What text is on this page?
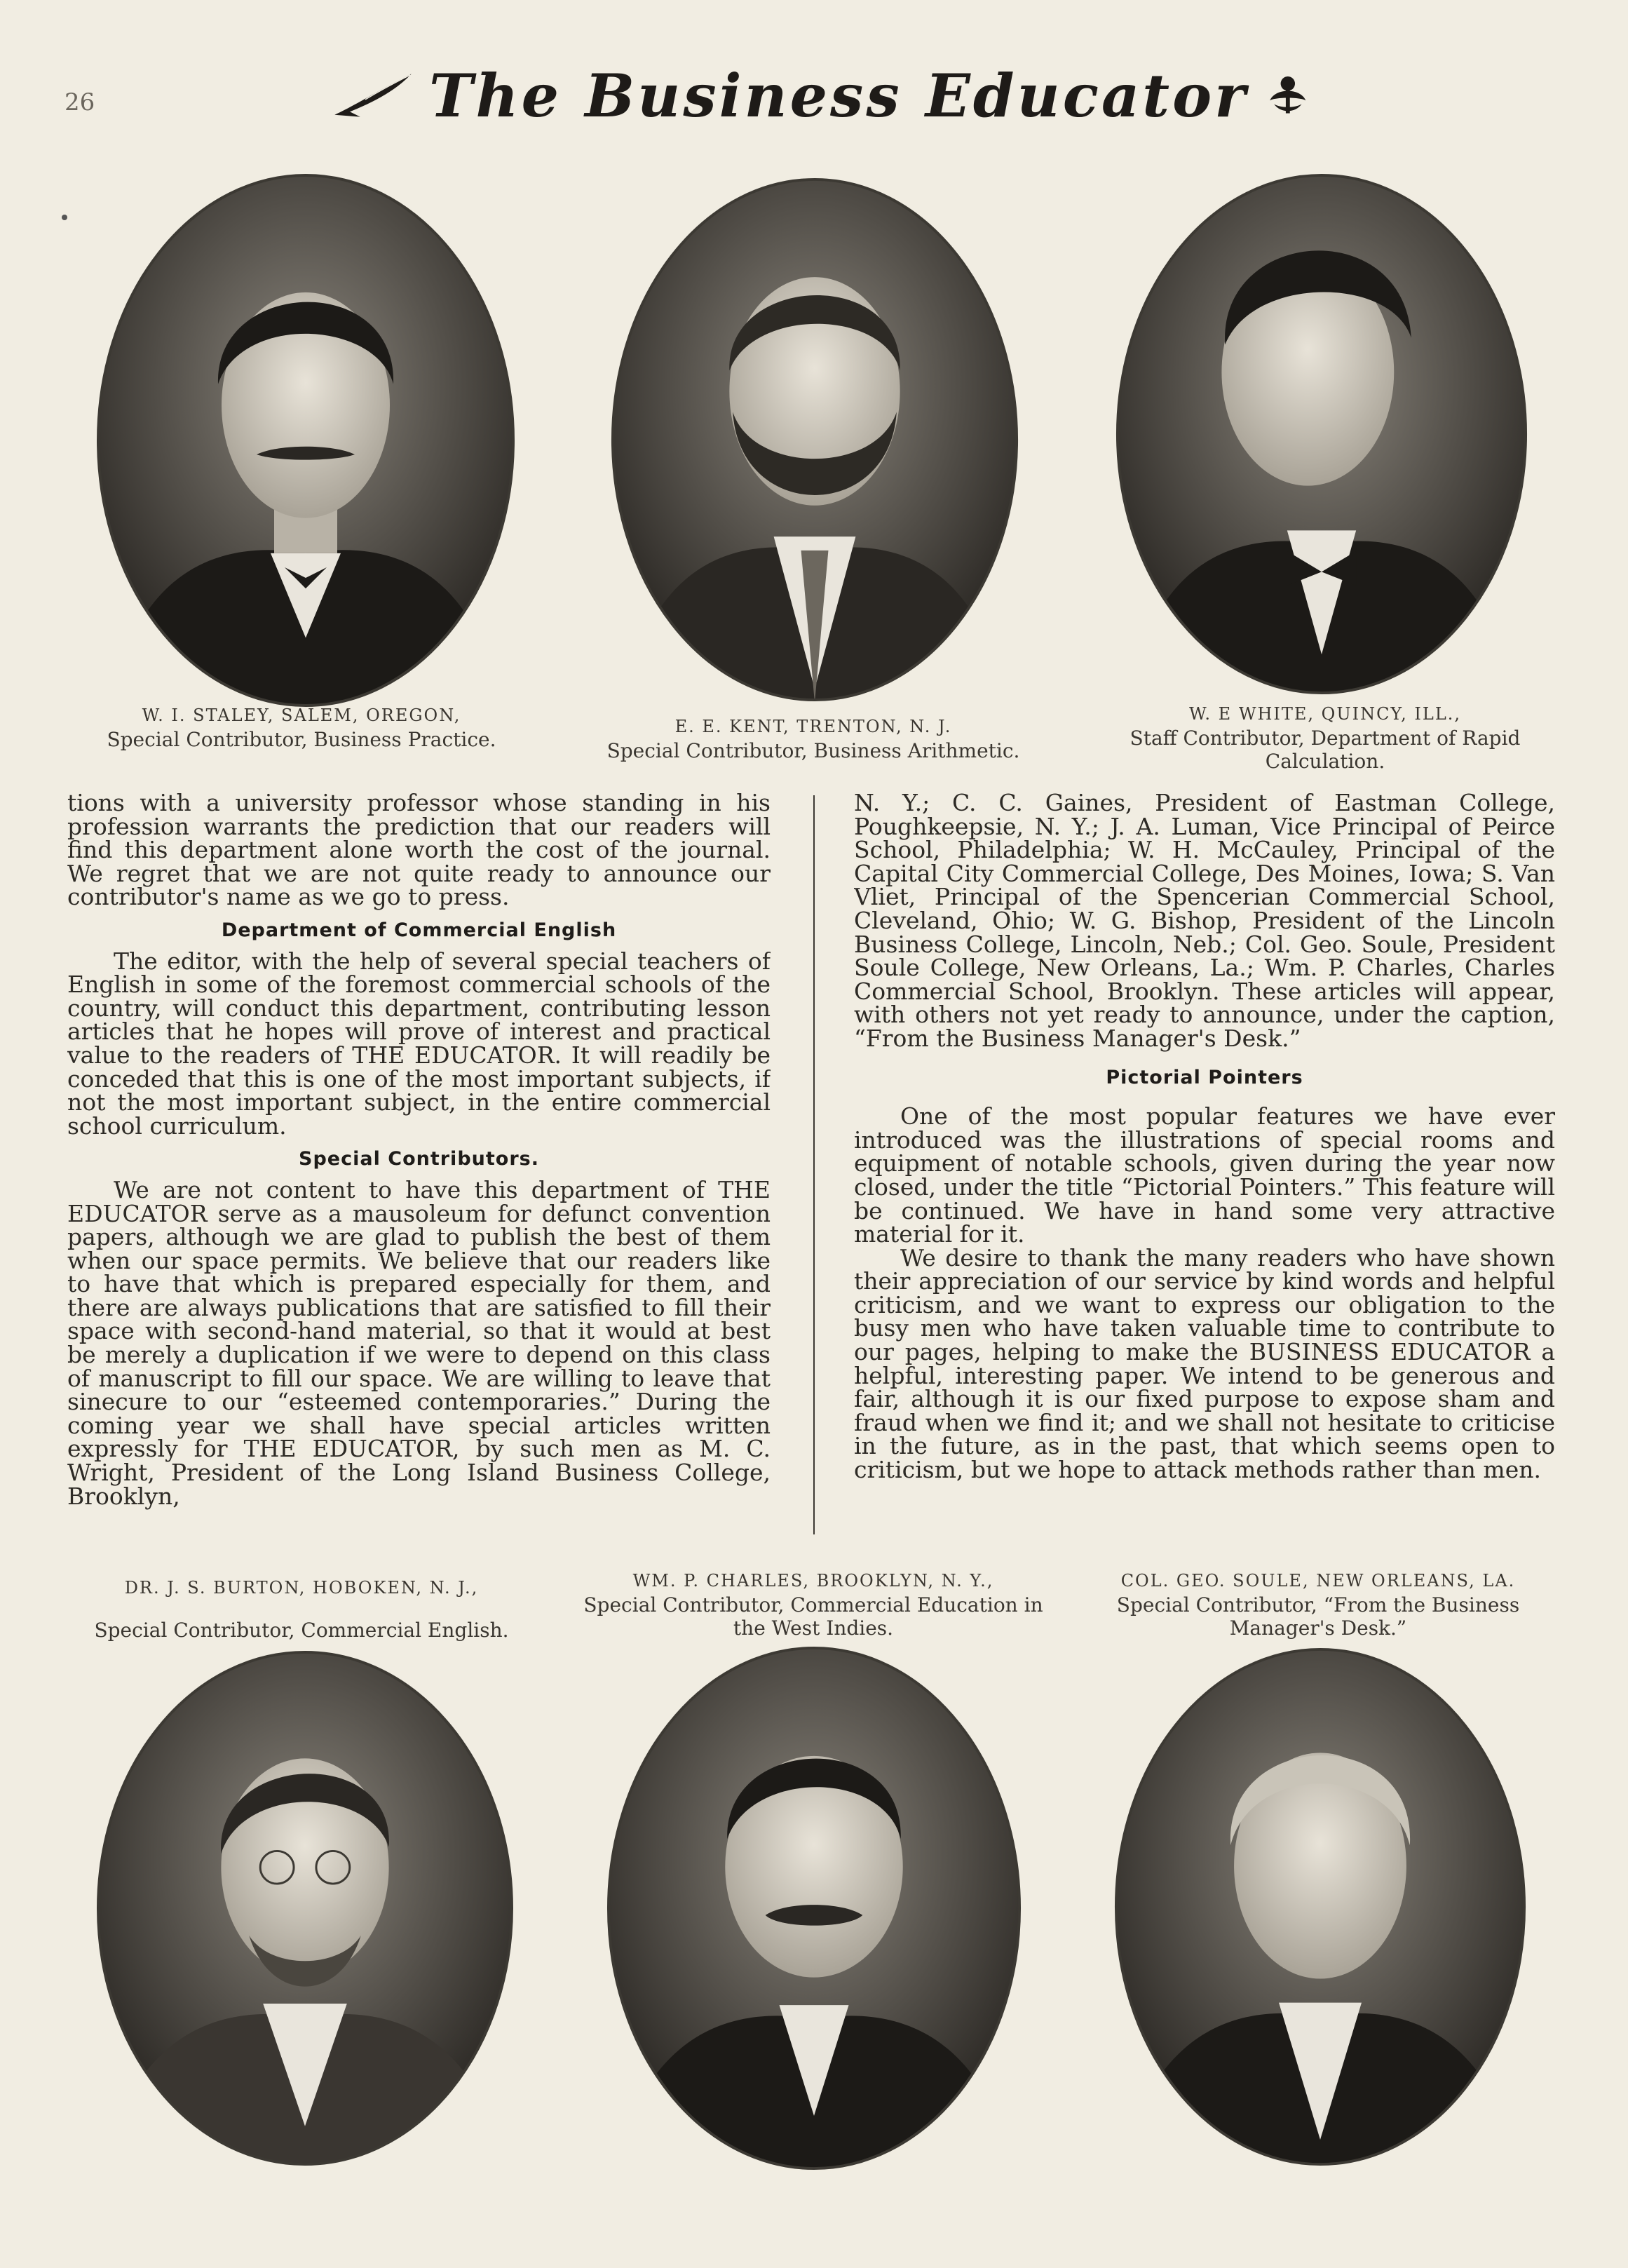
26	The Business Educator
W. I. STALEY, SALEM, OREGON,
Special Contributor, Business Practice.
E. E. KENT, TRENTON, N. J.
Special Contributor, Business Arithmetic.
W. E WHITE, QUINCY, ILL.,
Staff Contributor, Department of Rapid Calculation.

tions with a university professor whose standing in his profession warrants the prediction that our readers will find this department alone worth the cost of the journal. We regret that we are not quite ready to announce our contributor's name as we go to press.

Department of Commercial English

The editor, with the help of several special teachers of English in some of the foremost commercial schools of the country, will conduct this department, contributing lesson articles that he hopes will prove of interest and practical value to the readers of THE EDUCATOR. It will readily be conceded that this is one of the most important subjects, if not the most important subject, in the entire commercial school curriculum.

Special Contributors.

We are not content to have this department of THE EDUCATOR serve as a mausoleum for defunct convention papers, although we are glad to publish the best of them when our space permits. We believe that our readers like to have that which is prepared especially for them, and there are always publications that are satisfied to fill their space with second-hand material, so that it would at best be merely a duplication if we were to depend on this class of manuscript to fill our space. We are willing to leave that sinecure to our “esteemed contemporaries.” During the coming year we shall have special articles written expressly for THE EDUCATOR, by such men as M. C. Wright, President of the Long Island Business College, Brooklyn,

N. Y.; C. C. Gaines, President of Eastman College, Poughkeepsie, N. Y.; J. A. Luman, Vice Principal of Peirce School, Philadelphia; W. H. McCauley, Principal of the Capital City Commercial College, Des Moines, Iowa; S. Van Vliet, Principal of the Spencerian Commercial School, Cleveland, Ohio; W. G. Bishop, President of the Lincoln Business College, Lincoln, Neb.; Col. Geo. Soule, President Soule College, New Orleans, La.; Wm. P. Charles, Charles Commercial School, Brooklyn. These articles will appear, with others not yet ready to announce, under the caption, “From the Business Manager's Desk.”

Pictorial Pointers

One of the most popular features we have ever introduced was the illustrations of special rooms and equipment of notable schools, given during the year now closed, under the title “Pictorial Pointers.” This feature will be continued. We have in hand some very attractive material for it.

We desire to thank the many readers who have shown their appreciation of our service by kind words and helpful criticism, and we want to express our obligation to the busy men who have taken valuable time to contribute to our pages, helping to make the BUSINESS EDUCATOR a helpful, interesting paper. We intend to be generous and fair, although it is our fixed purpose to expose sham and fraud when we find it; and we shall not hesitate to criticise in the future, as in the past, that which seems open to criticism, but we hope to attack methods rather than men.

DR. J. S. BURTON, HOBOKEN, N. J.,
Special Contributor, Commercial English.
WM. P. CHARLES, BROOKLYN, N. Y.,
Special Contributor, Commercial Education in the West Indies.
COL. GEO. SOULE, NEW ORLEANS, LA.
Special Contributor, “From the Business Manager's Desk.”
